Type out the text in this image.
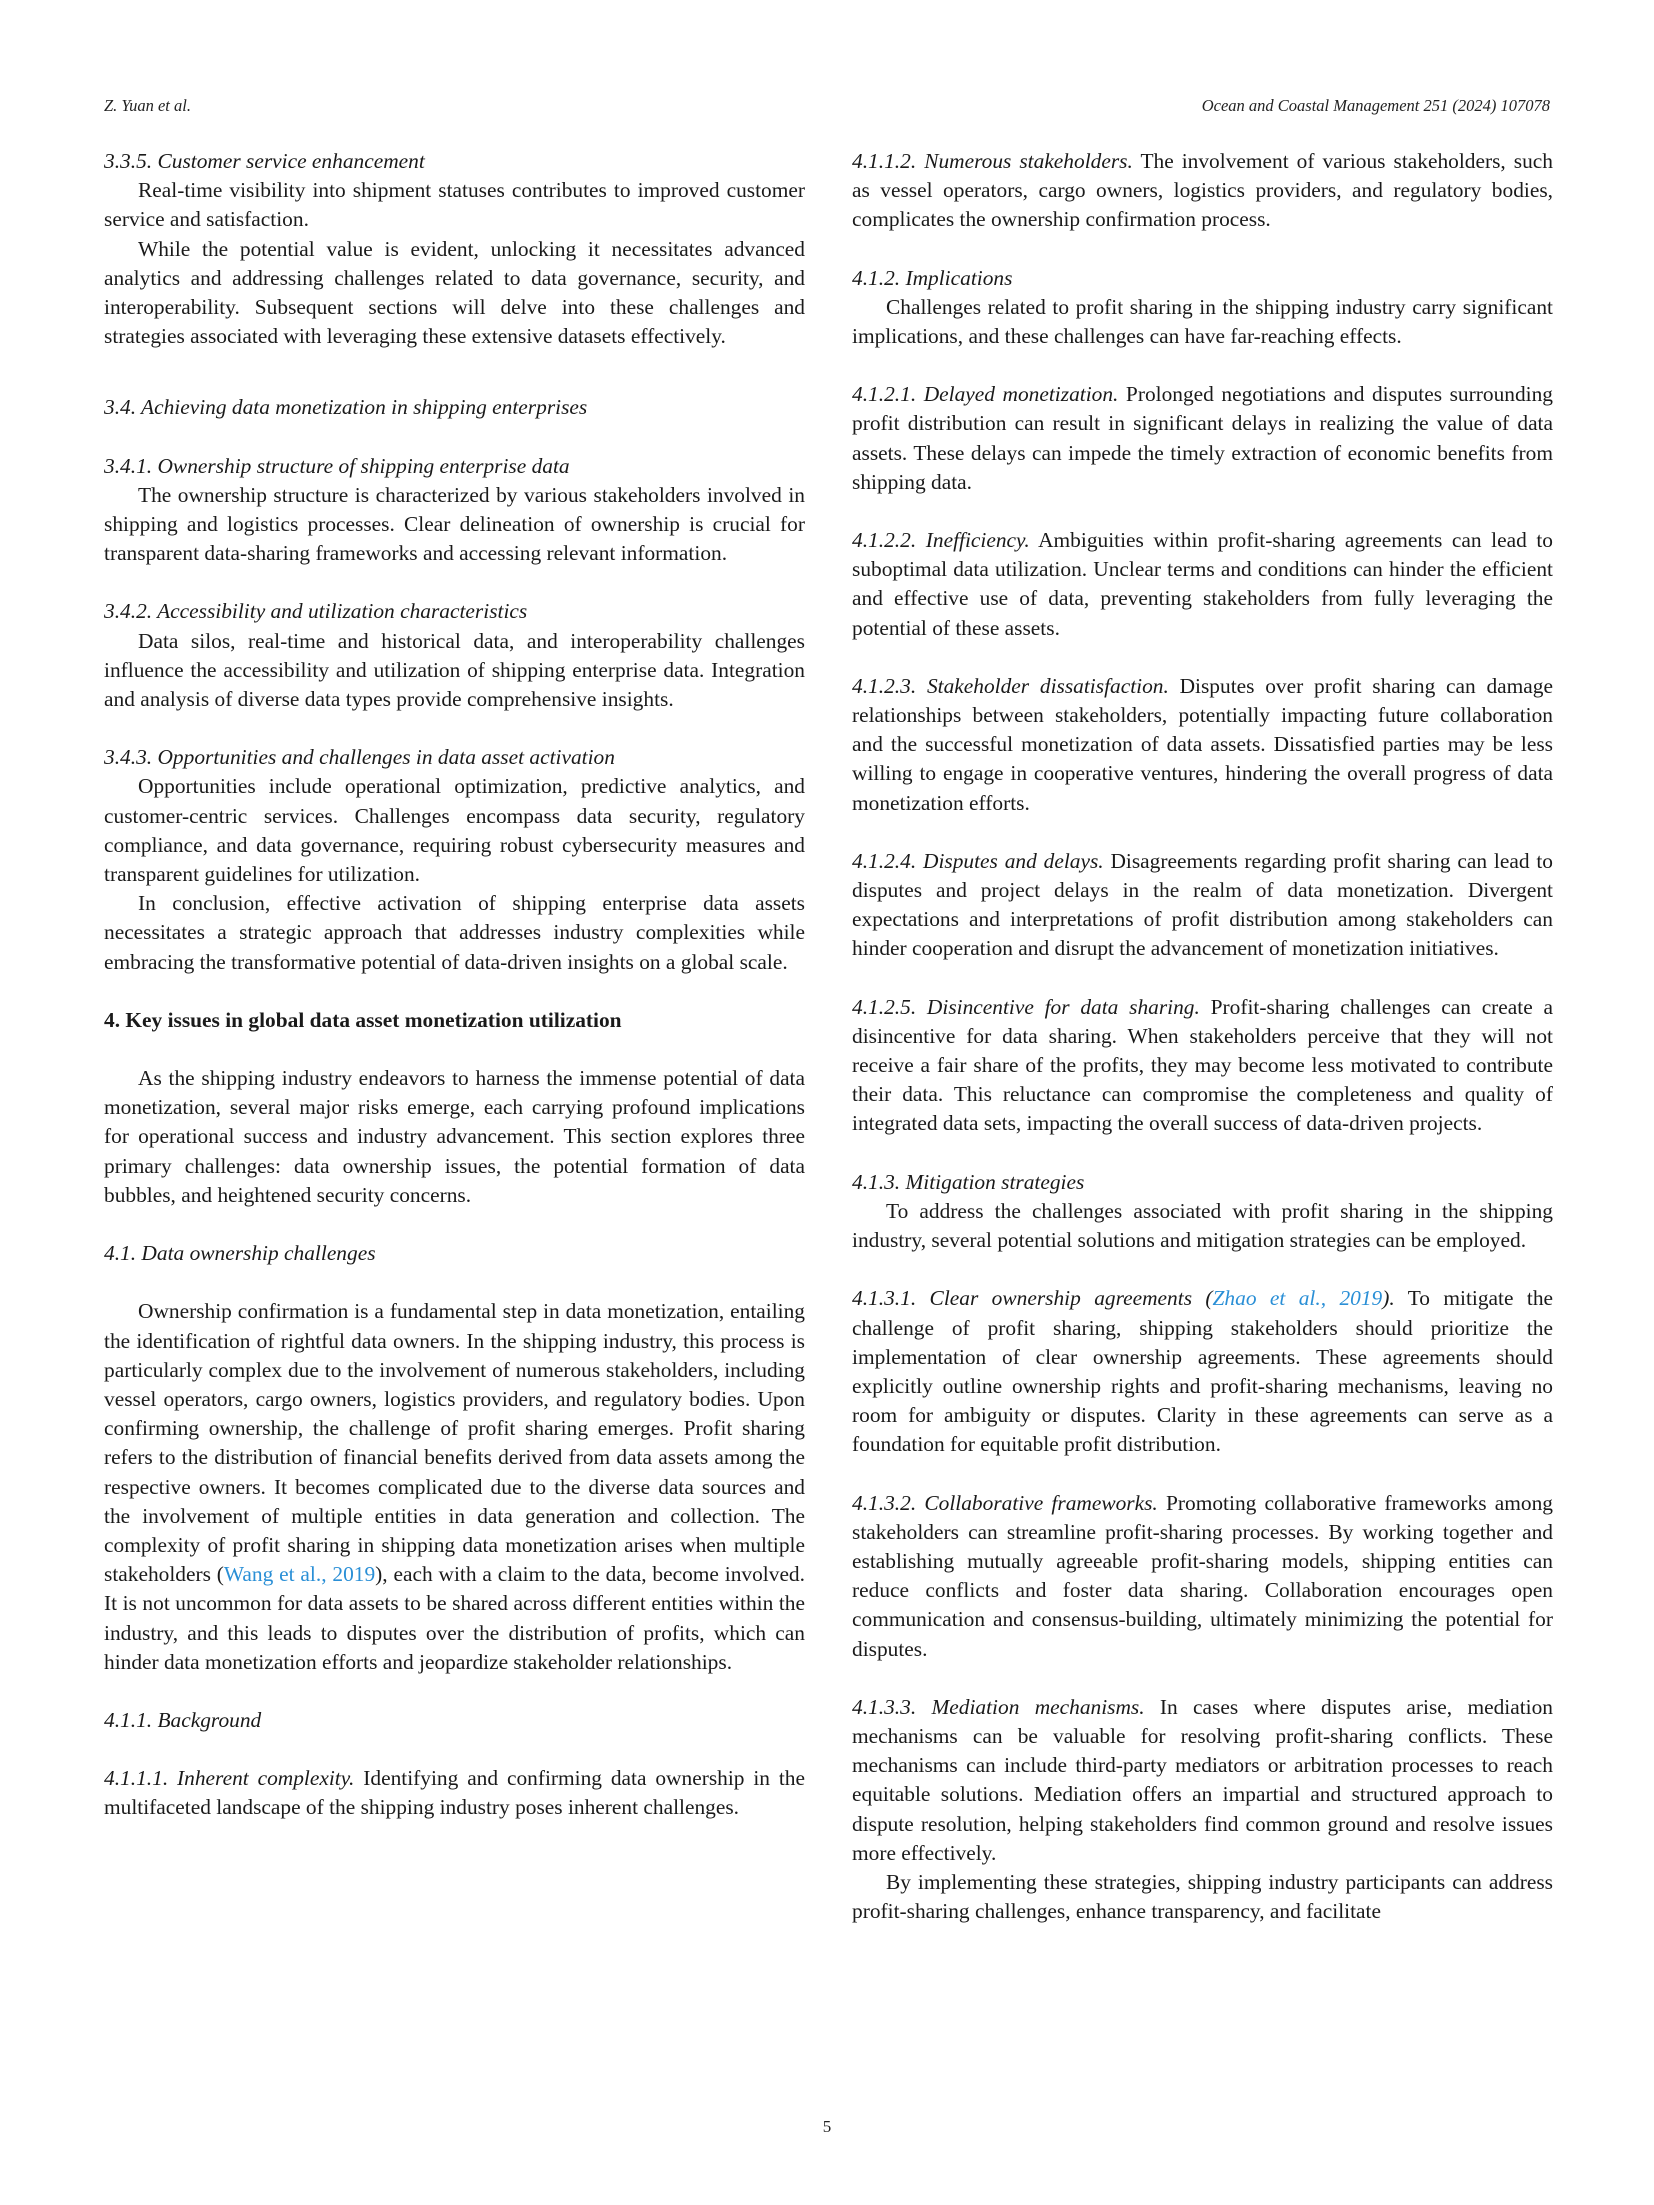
Z. Yuan et al.	Ocean and Coastal Management 251 (2024) 107078

3.3.5. Customer service enhancement

Real-time visibility into shipment statuses contributes to improved customer service and satisfaction.

While the potential value is evident, unlocking it necessitates advanced analytics and addressing challenges related to data governance, security, and interoperability. Subsequent sections will delve into these challenges and strategies associated with leveraging these extensive datasets effectively.

3.4. Achieving data monetization in shipping enterprises

3.4.1. Ownership structure of shipping enterprise data

The ownership structure is characterized by various stakeholders involved in shipping and logistics processes. Clear delineation of ownership is crucial for transparent data-sharing frameworks and accessing relevant information.

3.4.2. Accessibility and utilization characteristics

Data silos, real-time and historical data, and interoperability challenges influence the accessibility and utilization of shipping enterprise data. Integration and analysis of diverse data types provide comprehensive insights.

3.4.3. Opportunities and challenges in data asset activation

Opportunities include operational optimization, predictive analytics, and customer-centric services. Challenges encompass data security, regulatory compliance, and data governance, requiring robust cybersecurity measures and transparent guidelines for utilization.

In conclusion, effective activation of shipping enterprise data assets necessitates a strategic approach that addresses industry complexities while embracing the transformative potential of data-driven insights on a global scale.

4. Key issues in global data asset monetization utilization

As the shipping industry endeavors to harness the immense potential of data monetization, several major risks emerge, each carrying profound implications for operational success and industry advancement. This section explores three primary challenges: data ownership issues, the potential formation of data bubbles, and heightened security concerns.

4.1. Data ownership challenges

Ownership confirmation is a fundamental step in data monetization, entailing the identification of rightful data owners. In the shipping industry, this process is particularly complex due to the involvement of numerous stakeholders, including vessel operators, cargo owners, logistics providers, and regulatory bodies. Upon confirming ownership, the challenge of profit sharing emerges. Profit sharing refers to the distribution of financial benefits derived from data assets among the respective owners. It becomes complicated due to the diverse data sources and the involvement of multiple entities in data generation and collection. The complexity of profit sharing in shipping data monetization arises when multiple stakeholders (Wang et al., 2019), each with a claim to the data, become involved. It is not uncommon for data assets to be shared across different entities within the industry, and this leads to disputes over the distribution of profits, which can hinder data monetization efforts and jeopardize stakeholder relationships.

4.1.1. Background

4.1.1.1. Inherent complexity. Identifying and confirming data ownership in the multifaceted landscape of the shipping industry poses inherent challenges.

4.1.1.2. Numerous stakeholders. The involvement of various stakeholders, such as vessel operators, cargo owners, logistics providers, and regulatory bodies, complicates the ownership confirmation process.

4.1.2. Implications

Challenges related to profit sharing in the shipping industry carry significant implications, and these challenges can have far-reaching effects.

4.1.2.1. Delayed monetization. Prolonged negotiations and disputes surrounding profit distribution can result in significant delays in realizing the value of data assets. These delays can impede the timely extraction of economic benefits from shipping data.

4.1.2.2. Inefficiency. Ambiguities within profit-sharing agreements can lead to suboptimal data utilization. Unclear terms and conditions can hinder the efficient and effective use of data, preventing stakeholders from fully leveraging the potential of these assets.

4.1.2.3. Stakeholder dissatisfaction. Disputes over profit sharing can damage relationships between stakeholders, potentially impacting future collaboration and the successful monetization of data assets. Dissatisfied parties may be less willing to engage in cooperative ventures, hindering the overall progress of data monetization efforts.

4.1.2.4. Disputes and delays. Disagreements regarding profit sharing can lead to disputes and project delays in the realm of data monetization. Divergent expectations and interpretations of profit distribution among stakeholders can hinder cooperation and disrupt the advancement of monetization initiatives.

4.1.2.5. Disincentive for data sharing. Profit-sharing challenges can create a disincentive for data sharing. When stakeholders perceive that they will not receive a fair share of the profits, they may become less motivated to contribute their data. This reluctance can compromise the completeness and quality of integrated data sets, impacting the overall success of data-driven projects.

4.1.3. Mitigation strategies

To address the challenges associated with profit sharing in the shipping industry, several potential solutions and mitigation strategies can be employed.

4.1.3.1. Clear ownership agreements (Zhao et al., 2019). To mitigate the challenge of profit sharing, shipping stakeholders should prioritize the implementation of clear ownership agreements. These agreements should explicitly outline ownership rights and profit-sharing mechanisms, leaving no room for ambiguity or disputes. Clarity in these agreements can serve as a foundation for equitable profit distribution.

4.1.3.2. Collaborative frameworks. Promoting collaborative frameworks among stakeholders can streamline profit-sharing processes. By working together and establishing mutually agreeable profit-sharing models, shipping entities can reduce conflicts and foster data sharing. Collaboration encourages open communication and consensus-building, ultimately minimizing the potential for disputes.

4.1.3.3. Mediation mechanisms. In cases where disputes arise, mediation mechanisms can be valuable for resolving profit-sharing conflicts. These mechanisms can include third-party mediators or arbitration processes to reach equitable solutions. Mediation offers an impartial and structured approach to dispute resolution, helping stakeholders find common ground and resolve issues more effectively.

By implementing these strategies, shipping industry participants can address profit-sharing challenges, enhance transparency, and facilitate

5
